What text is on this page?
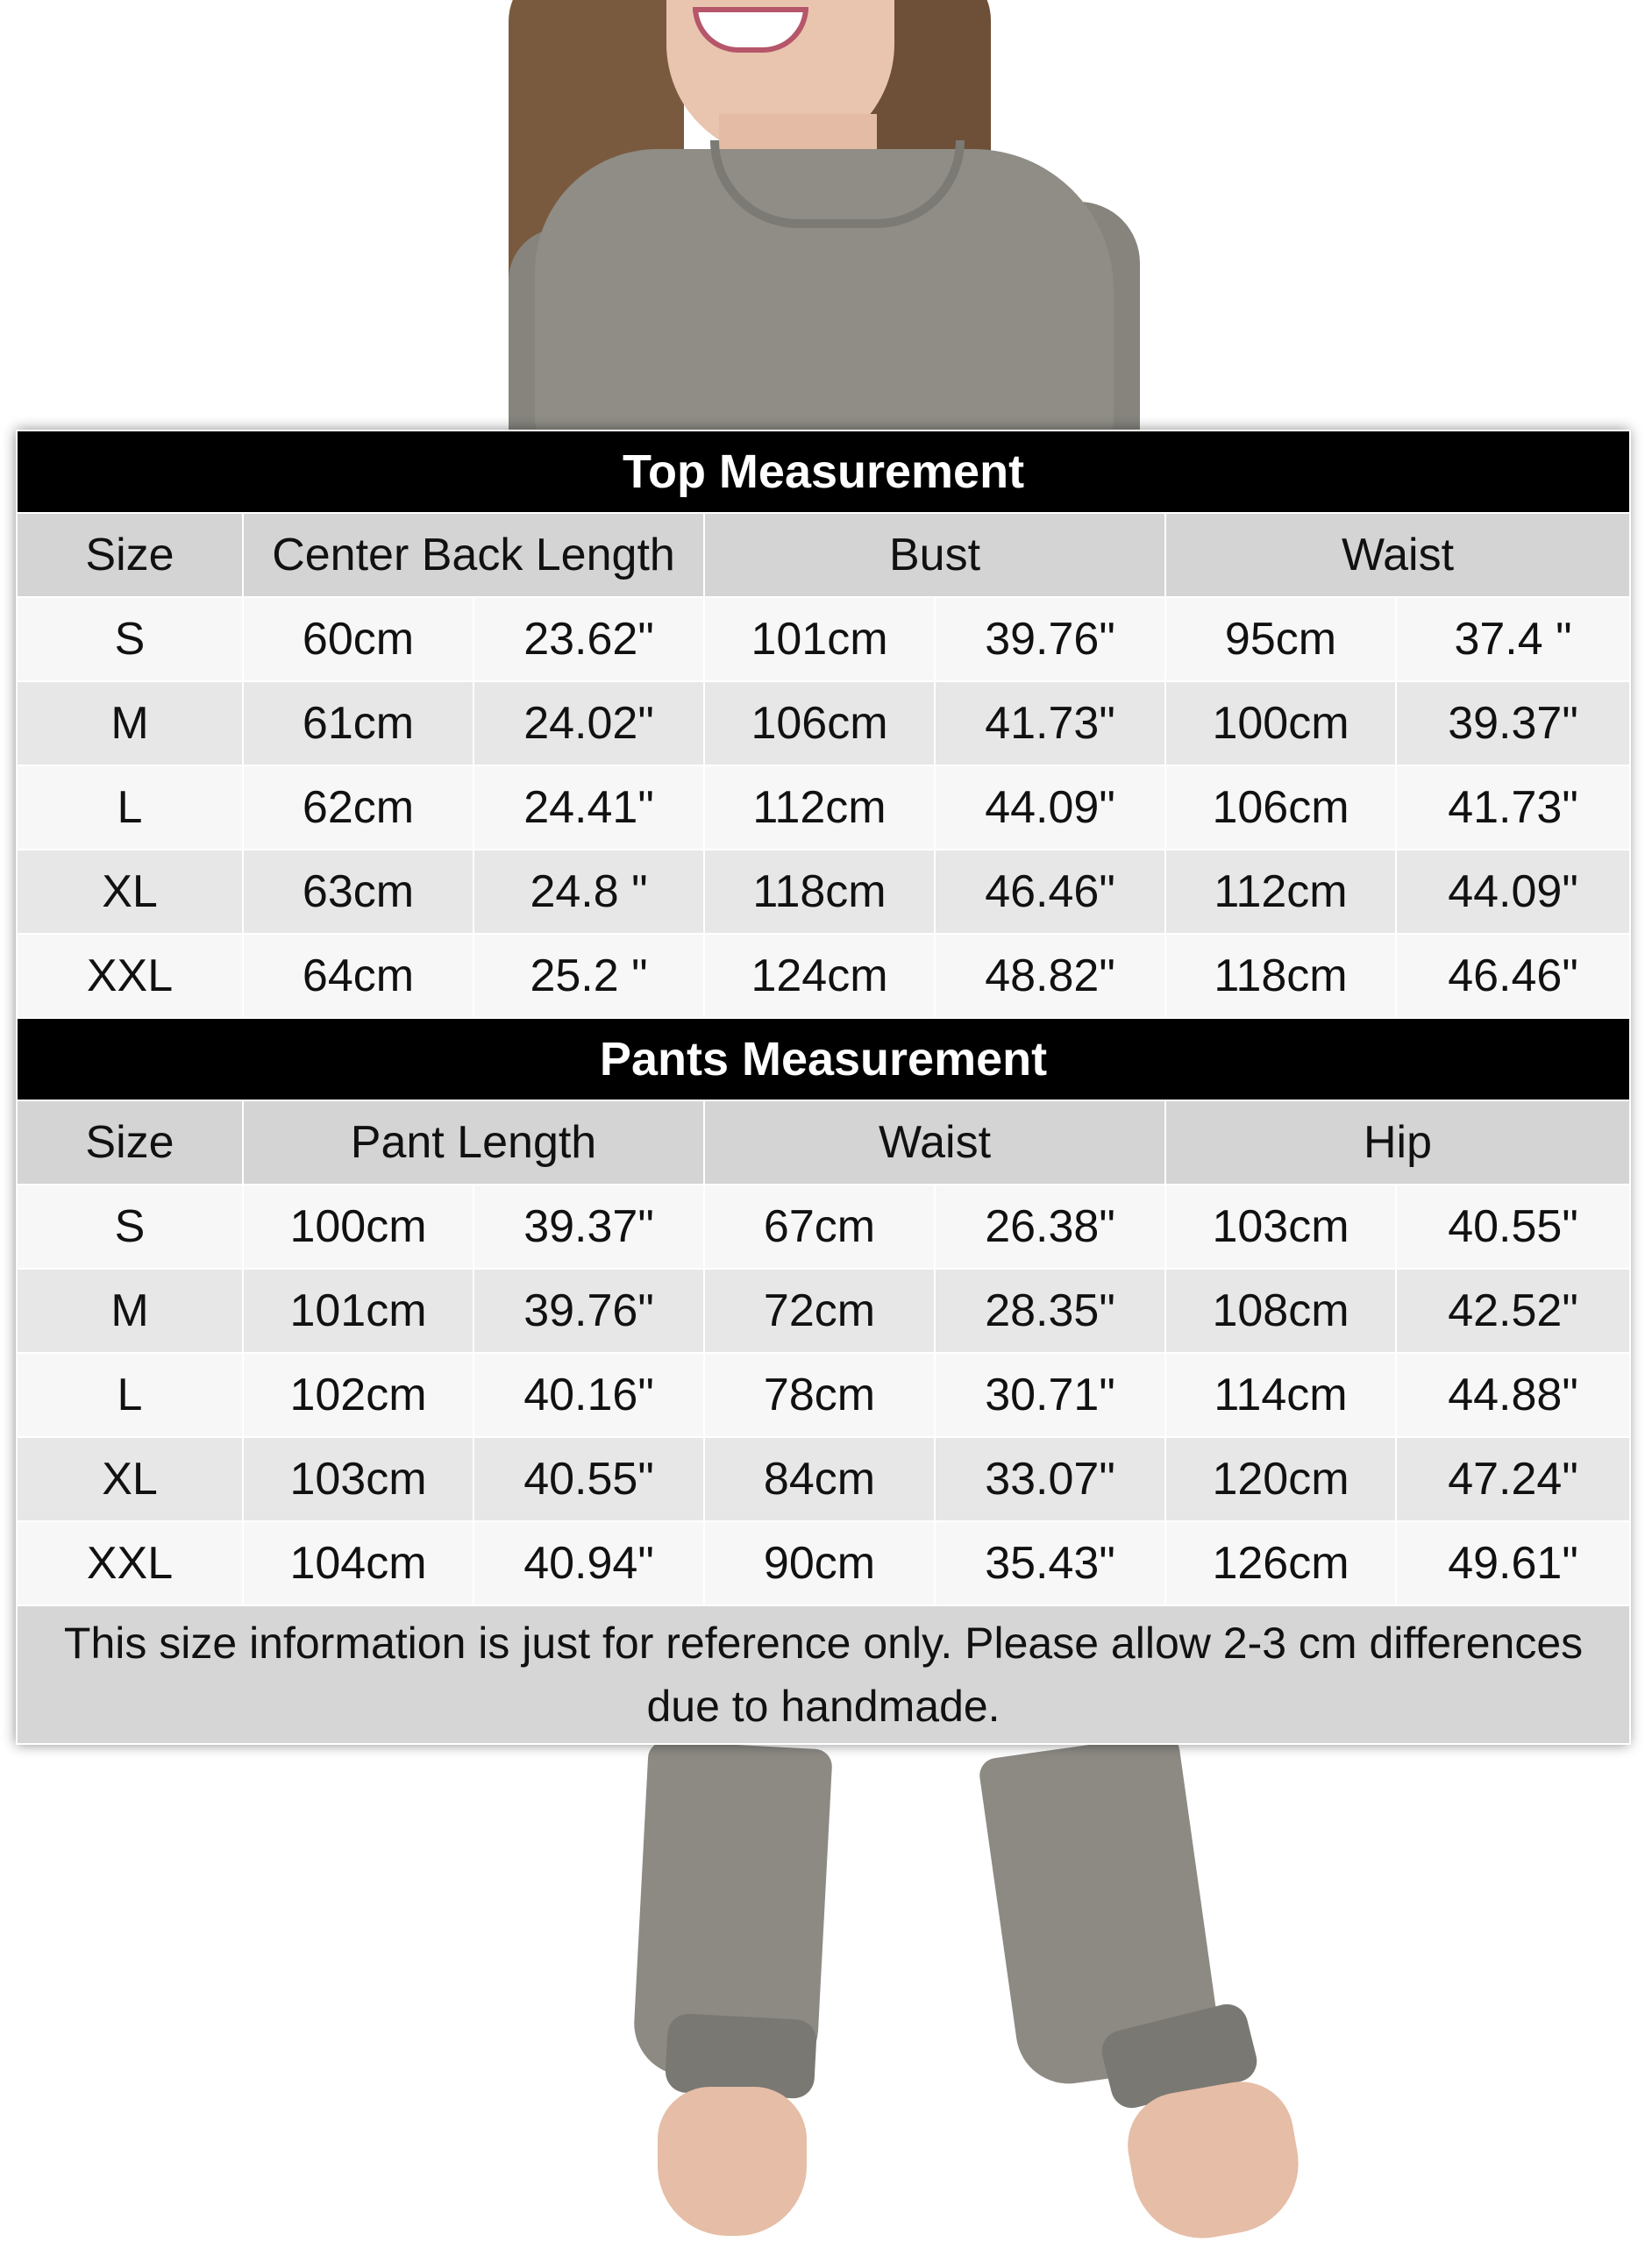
Top Measurement						
Size	Center Back Length		Bust		Waist	
S	60cm	23.62"	101cm	39.76"	95cm	37.4 "
M	61cm	24.02"	106cm	41.73"	100cm	39.37"
L	62cm	24.41"	112cm	44.09"	106cm	41.73"
XL	63cm	24.8 "	118cm	46.46"	112cm	44.09"
XXL	64cm	25.2 "	124cm	48.82"	118cm	46.46"
Pants Measurement						
Size	Pant Length		Waist		Hip	
S	100cm	39.37"	67cm	26.38"	103cm	40.55"
M	101cm	39.76"	72cm	28.35"	108cm	42.52"
L	102cm	40.16"	78cm	30.71"	114cm	44.88"
XL	103cm	40.55"	84cm	33.07"	120cm	47.24"
XXL	104cm	40.94"	90cm	35.43"	126cm	49.61"
This size information is just for reference only. Please allow 2-3 cm differences due to handmade.						
